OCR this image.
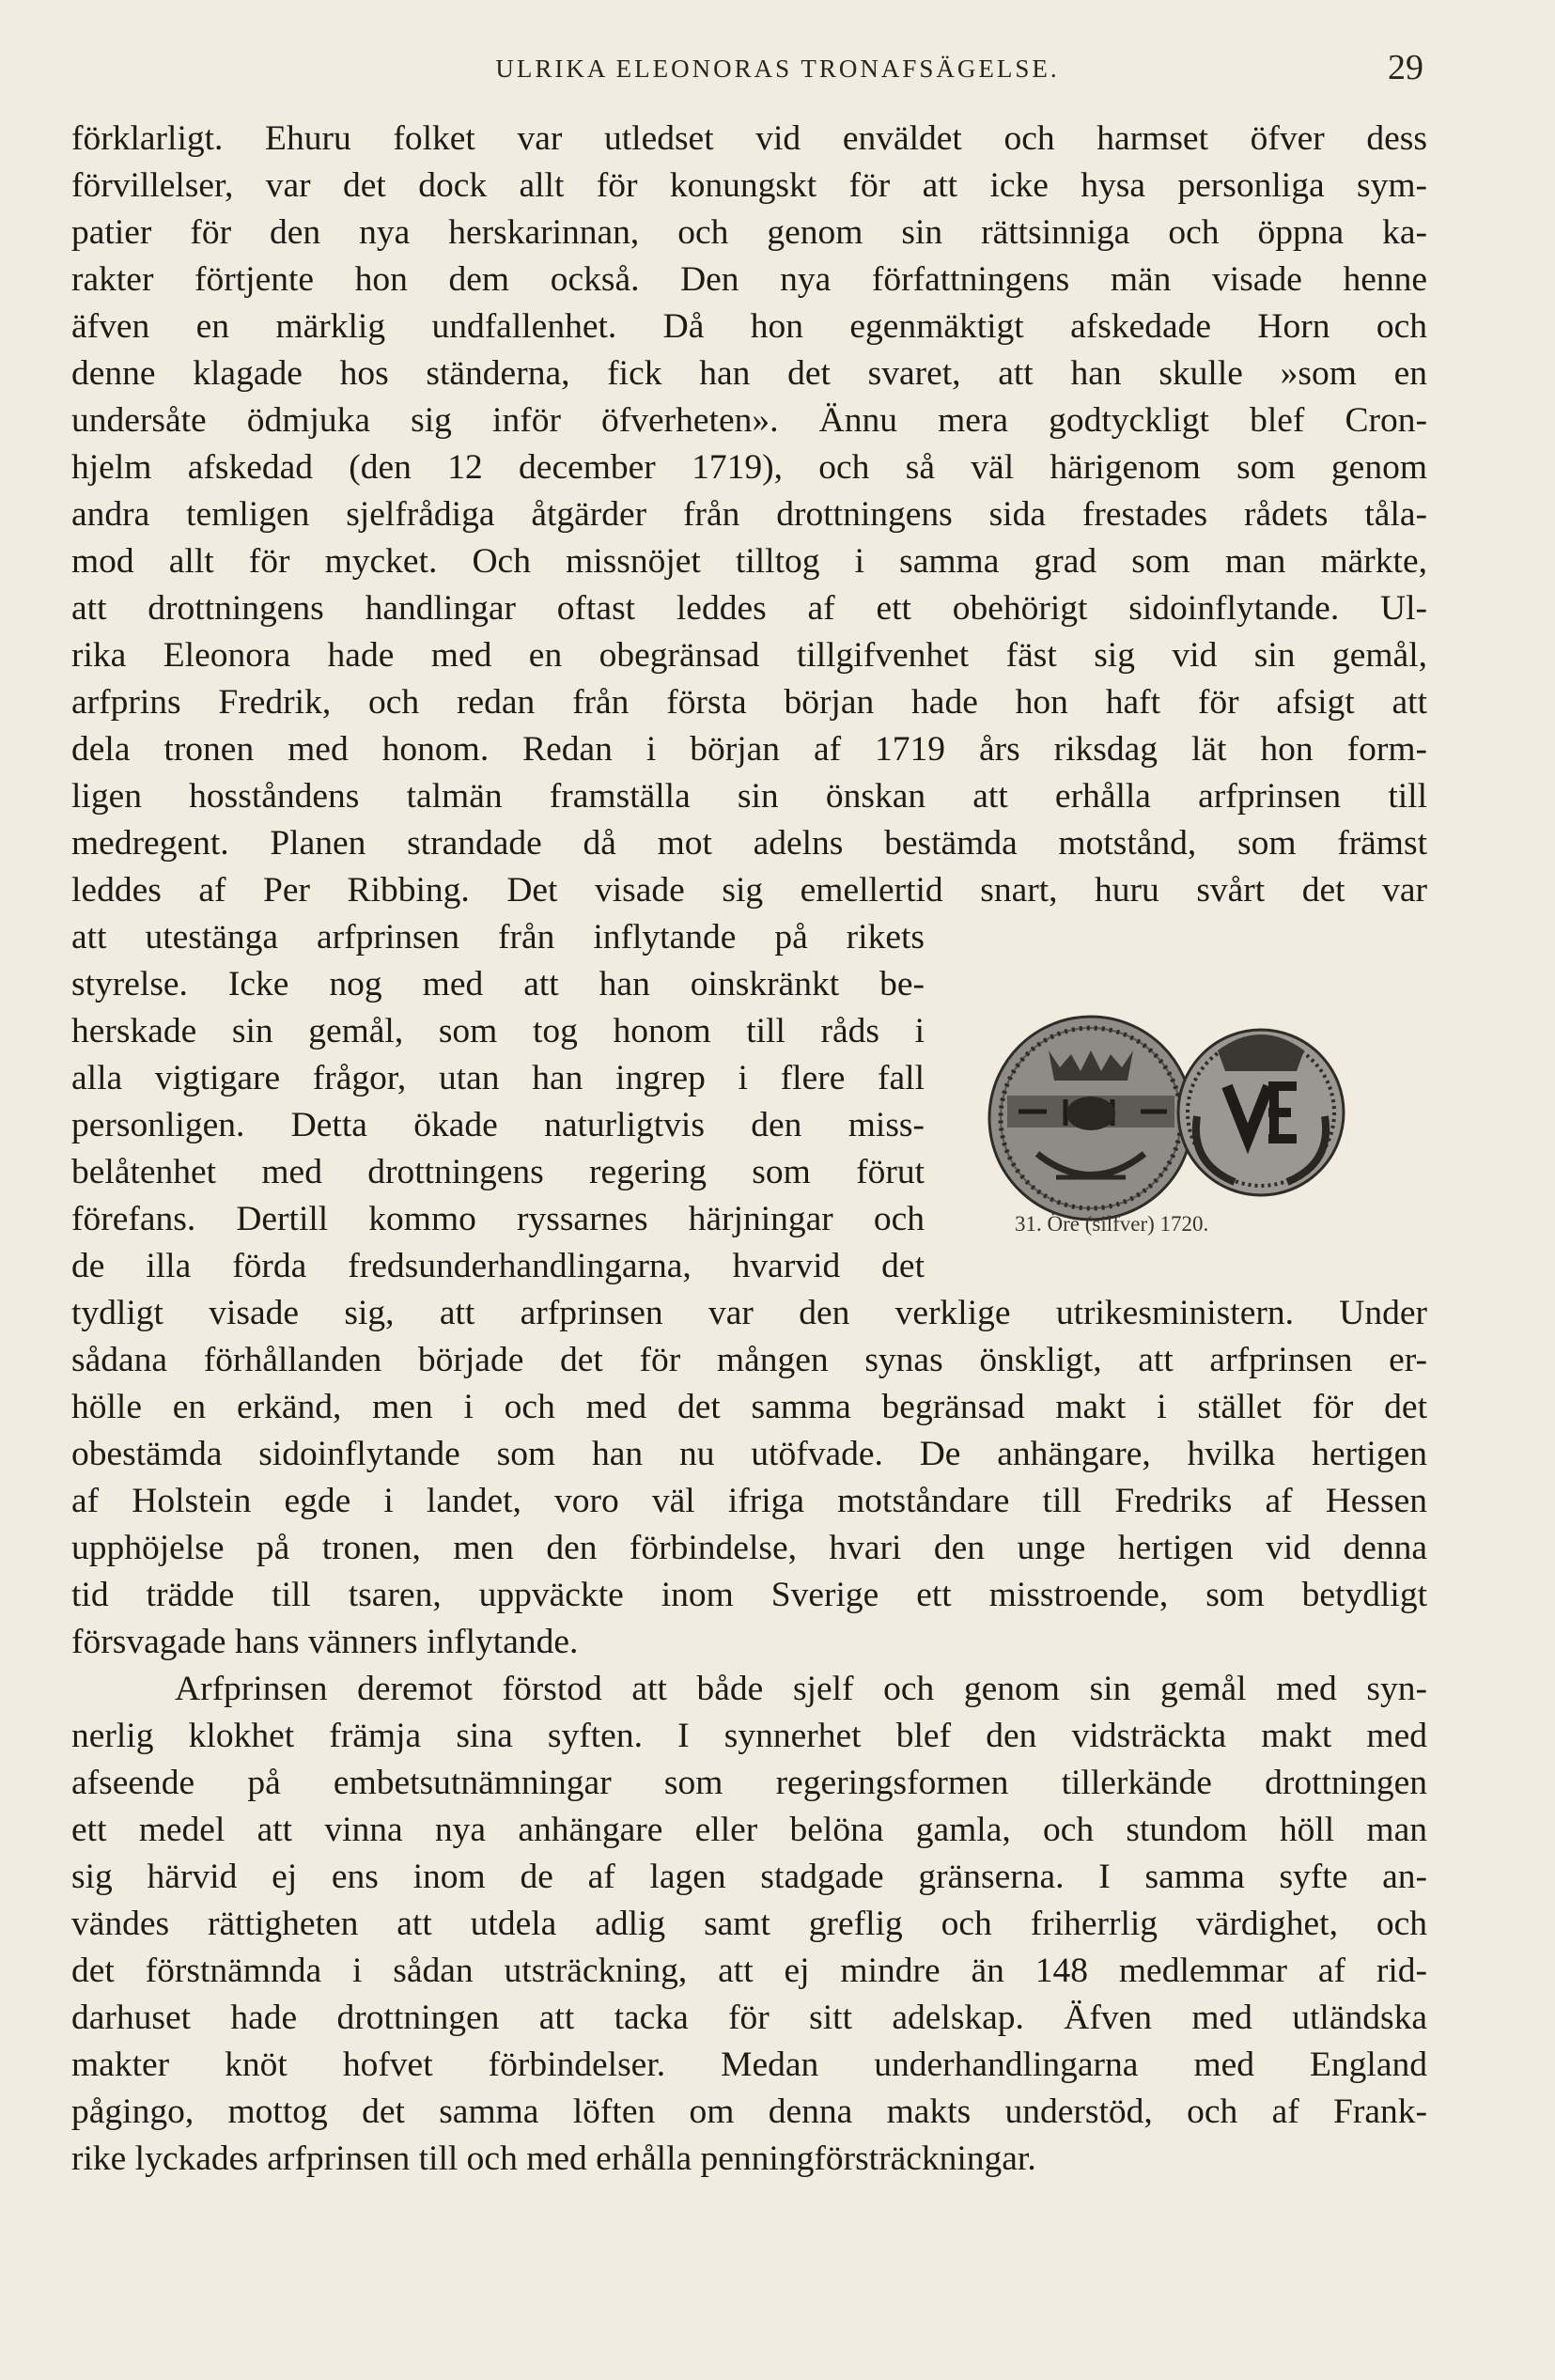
ULRIKA ELEONORAS TRONAFSÄGELSE.	29
förklarligt. Ehuru folket var utledset vid enväldet och harmset öfver dess
förvillelser, var det dock allt för konungskt för att icke hysa personliga sym-
patier för den nya herskarinnan, och genom sin rättsinniga och öppna ka-
rakter förtjente hon dem också. Den nya författningens män visade henne
äfven en märklig undfallenhet. Då hon egenmäktigt afskedade Horn och
denne klagade hos ständerna, fick han det svaret, att han skulle »som en
undersåte ödmjuka sig inför öfverheten». Ännu mera godtyckligt blef Cron-
hjelm afskedad (den 12 december 1719), och så väl härigenom som genom
andra temligen sjelfrådiga åtgärder från drottningens sida frestades rådets tåla-
mod allt för mycket. Och missnöjet tilltog i samma grad som man märkte,
att drottningens handlingar oftast leddes af ett obehörigt sidoinflytande. Ul-
rika Eleonora hade med en obegränsad tillgifvenhet fäst sig vid sin gemål,
arfprins Fredrik, och redan från första början hade hon haft för afsigt att
dela tronen med honom. Redan i början af 1719 års riksdag lät hon form-
ligen hosståndens talmän framställa sin önskan att erhålla arfprinsen till
medregent. Planen strandade då mot adelns bestämda motstånd, som främst
leddes af Per Ribbing. Det visade sig emellertid snart, huru svårt det var
att utestänga arfprinsen från inflytande på rikets
styrelse. Icke nog med att han oinskränkt be-
herskade sin gemål, som tog honom till råds i
alla vigtigare frågor, utan han ingrep i flere fall
personligen. Detta ökade naturligtvis den miss-
belåtenhet med drottningens regering som förut
förefans. Dertill kommo ryssarnes härjningar och
de illa förda fredsunderhandlingarna, hvarvid det
31. Öre (silfver) 1720.
tydligt visade sig, att arfprinsen var den verklige utrikesministern. Under
sådana förhållanden började det för mången synas önskligt, att arfprinsen er-
hölle en erkänd, men i och med det samma begränsad makt i stället för det
obestämda sidoinflytande som han nu utöfvade. De anhängare, hvilka hertigen
af Holstein egde i landet, voro väl ifriga motståndare till Fredriks af Hessen
upphöjelse på tronen, men den förbindelse, hvari den unge hertigen vid denna
tid trädde till tsaren, uppväckte inom Sverige ett misstroende, som betydligt
försvagade hans vänners inflytande.
Arfprinsen deremot förstod att både sjelf och genom sin gemål med syn-
nerlig klokhet främja sina syften. I synnerhet blef den vidsträckta makt med
afseende på embetsutnämningar som regeringsformen tillerkände drottningen
ett medel att vinna nya anhängare eller belöna gamla, och stundom höll man
sig härvid ej ens inom de af lagen stadgade gränserna. I samma syfte an-
vändes rättigheten att utdela adlig samt greflig och friherrlig värdighet, och
det förstnämnda i sådan utsträckning, att ej mindre än 148 medlemmar af rid-
darhuset hade drottningen att tacka för sitt adelskap. Äfven med utländska
makter knöt hofvet förbindelser. Medan underhandlingarna med England
pågingo, mottog det samma löften om denna makts understöd, och af Frank-
rike lyckades arfprinsen till och med erhålla penningförsträckningar.
